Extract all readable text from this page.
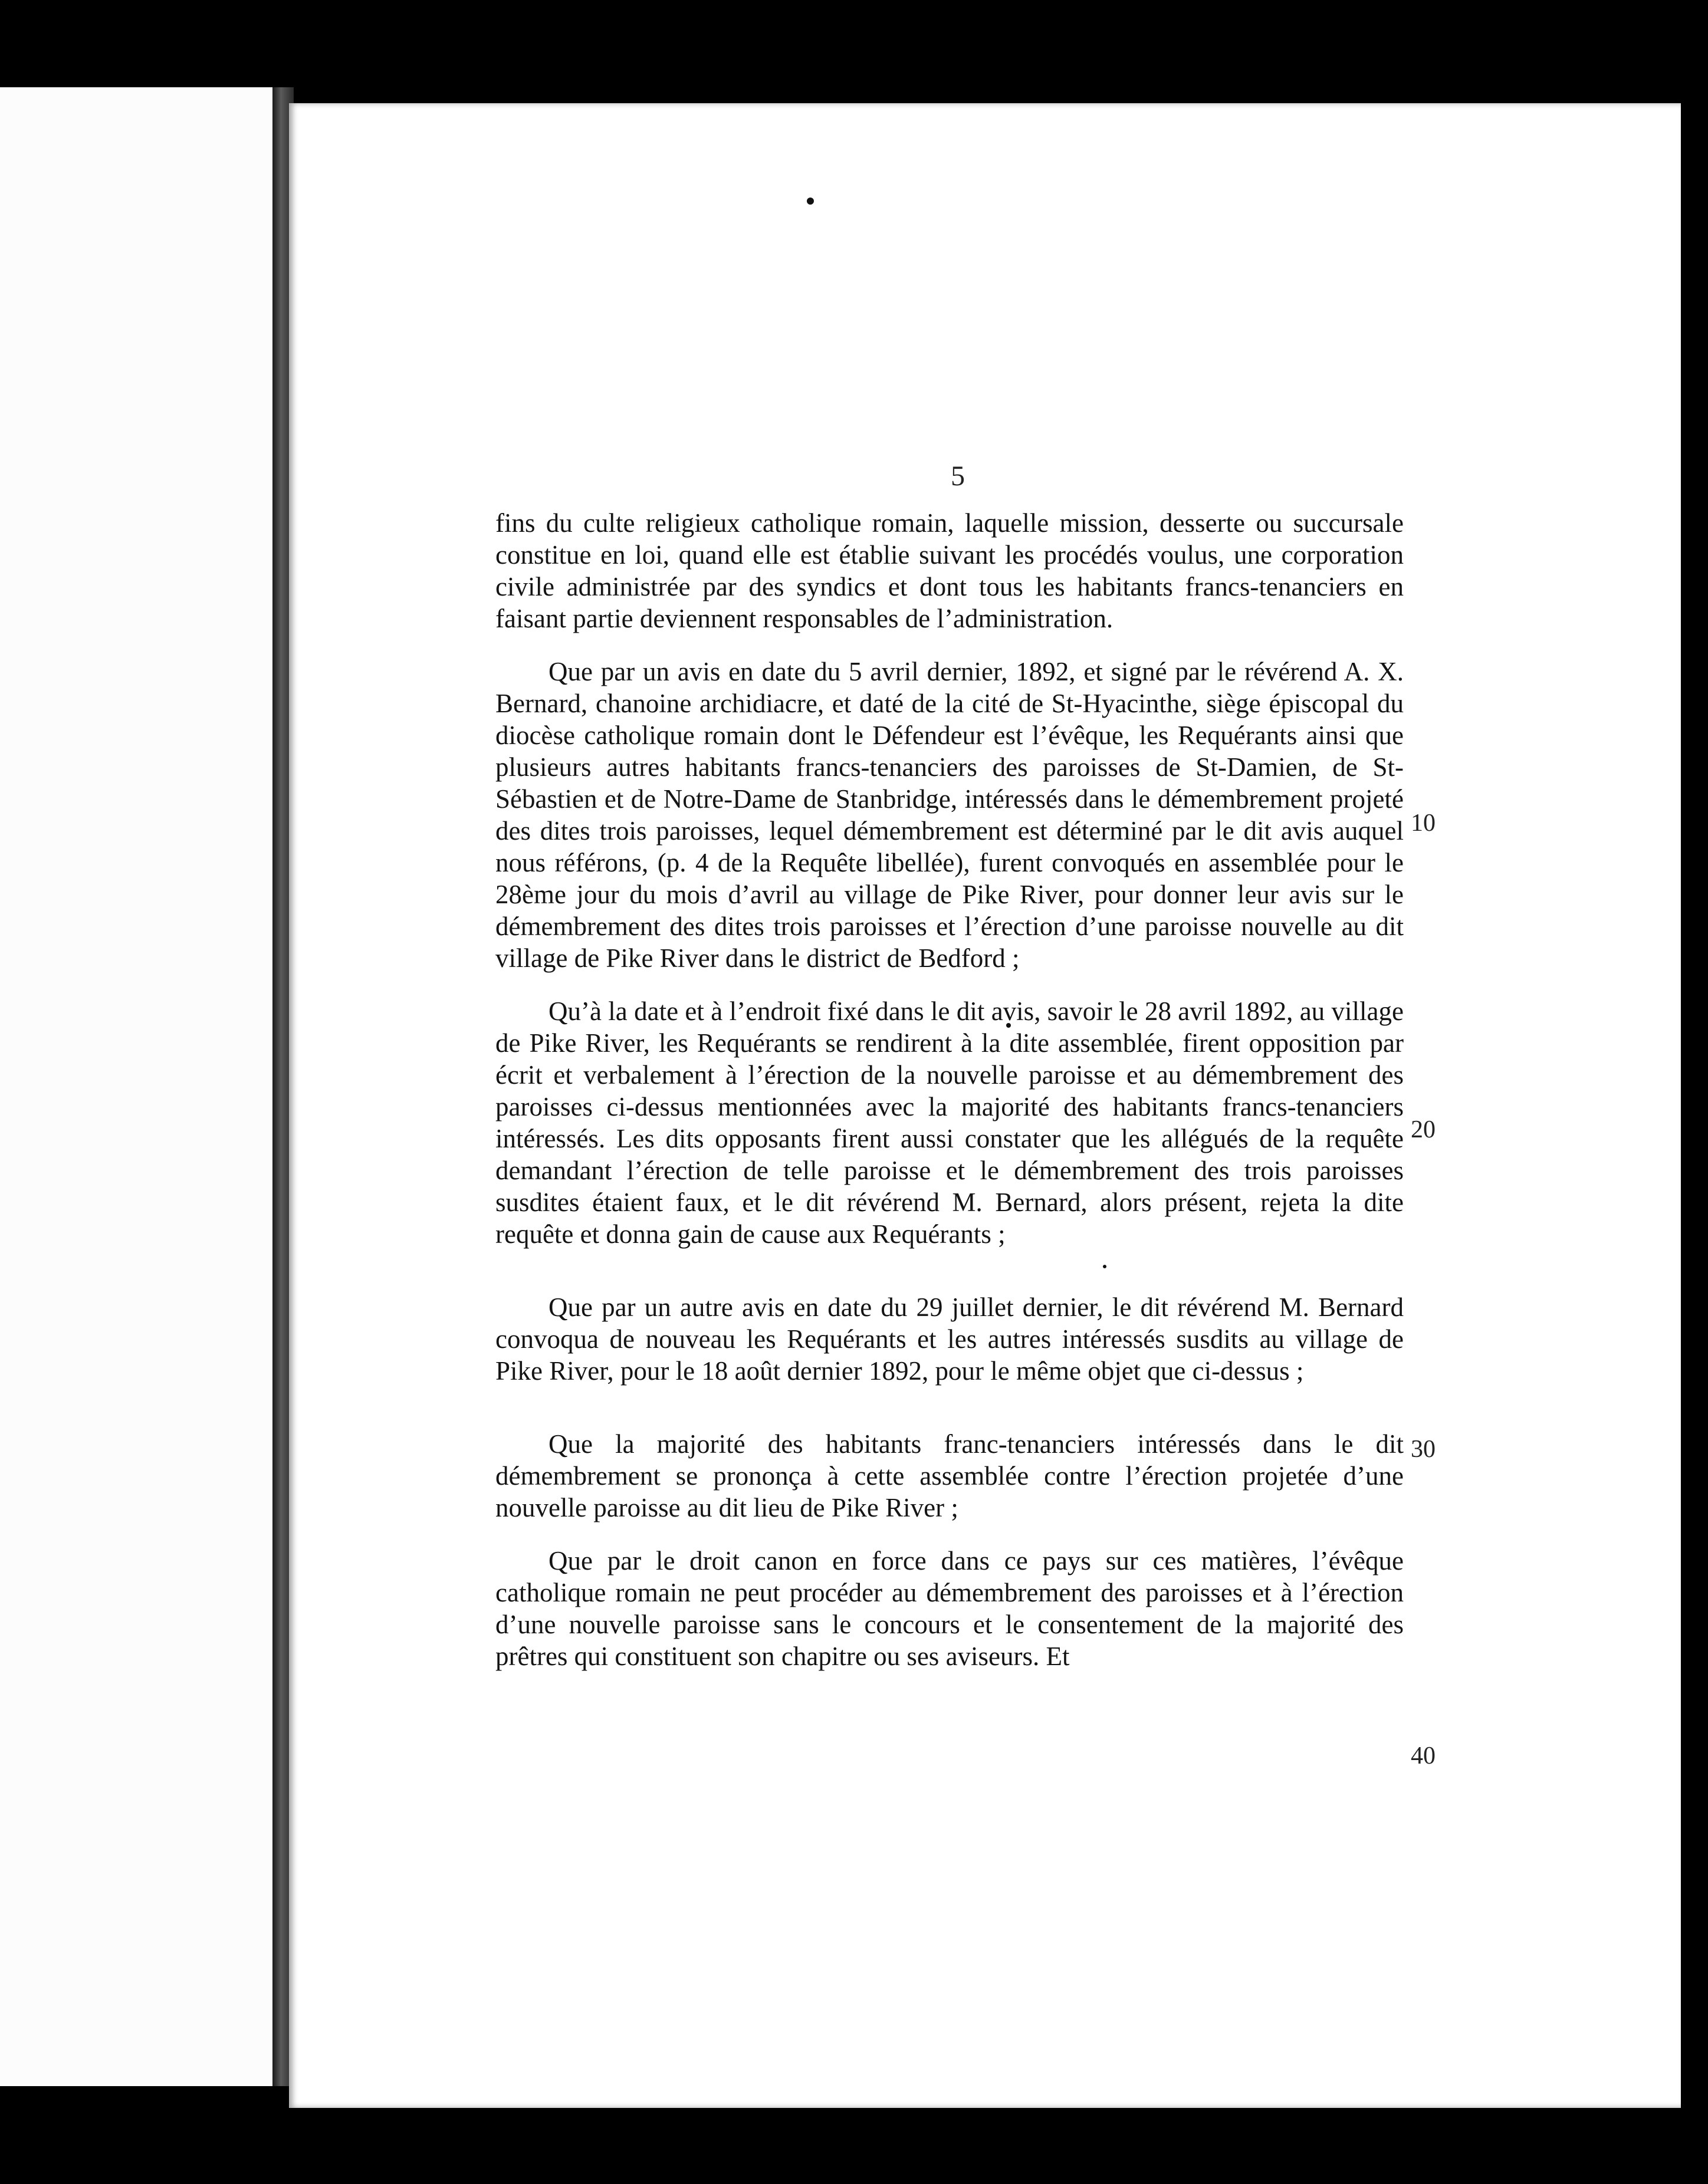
5

fins du culte religieux catholique romain, laquelle mission, desserte ou succursale constitue en loi, quand elle est établie suivant les procédés voulus, une corporation civile administrée par des syndics et dont tous les habitants francs-tenanciers en faisant partie deviennent responsables de l’administration.

Que par un avis en date du 5 avril dernier, 1892, et signé par le révérend A. X. Bernard, chanoine archidiacre, et daté de la cité de St-Hyacinthe, siège épiscopal du diocèse catholique romain dont le Défendeur est l’évêque, les Requérants ainsi que plusieurs autres habitants francs-tenanciers des paroisses de St-Damien, de St-Sébastien et de Notre-Dame de Stanbridge, intéressés dans le démembrement projeté des dites trois paroisses, lequel démembrement est déterminé par le dit avis auquel nous référons, (p. 4 de la Requête libellée), furent convoqués en assemblée pour le 28ème jour du mois d’avril au village de Pike River, pour donner leur avis sur le démembrement des dites trois paroisses et l’érection d’une paroisse nouvelle au dit village de Pike River dans le district de Bedford ;

Qu’à la date et à l’endroit fixé dans le dit avis, savoir le 28 avril 1892, au village de Pike River, les Requérants se rendirent à la dite assemblée, firent opposition par écrit et verbalement à l’érection de la nouvelle paroisse et au démembrement des paroisses ci-dessus mentionnées avec la majorité des habitants francs-tenanciers intéressés. Les dits opposants firent aussi constater que les allégués de la requête demandant l’érection de telle paroisse et le démembrement des trois paroisses susdites étaient faux, et le dit révérend M. Bernard, alors présent, rejeta la dite requête et donna gain de cause aux Requérants ;

Que par un autre avis en date du 29 juillet dernier, le dit révérend M. Bernard convoqua de nouveau les Requérants et les autres intéressés susdits au village de Pike River, pour le 18 août dernier 1892, pour le même objet que ci-dessus ;

Que la majorité des habitants franc-tenanciers intéressés dans le dit démembrement se prononça à cette assemblée contre l’érection projetée d’une nouvelle paroisse au dit lieu de Pike River ;

Que par le droit canon en force dans ce pays sur ces matières, l’évêque catholique romain ne peut procéder au démembrement des paroisses et à l’érection d’une nouvelle paroisse sans le concours et le consentement de la majorité des prêtres qui constituent son chapitre ou ses aviseurs. Et

10
20
30
40
